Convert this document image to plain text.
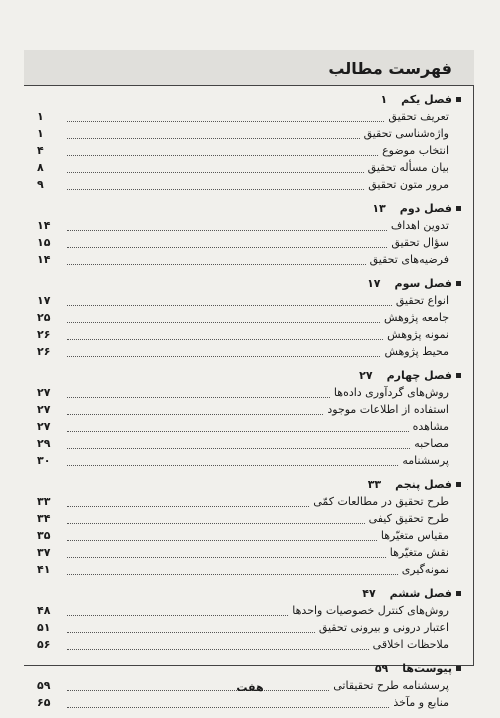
فهرست مطالب
فصل یکم
۱
تعریف تحقیق
۱
واژه‌شناسی تحقیق
۱
انتخاب موضوع
۴
بیان مسأله تحقیق
۸
مرور متون تحقیق
۹
فصل دوم
۱۳
تدوین اهداف
۱۴
سؤال تحقیق
۱۵
فرضیه‌های تحقیق
۱۴
فصل سوم
۱۷
انواع تحقیق
۱۷
جامعه پژوهش
۲۵
نمونه پژوهش
۲۶
محیط پژوهش
۲۶
فصل چهارم
۲۷
روش‌های گردآوری داده‌ها
۲۷
استفاده از اطلاعات موجود
۲۷
مشاهده
۲۷
مصاحبه
۲۹
پرسشنامه
۳۰
فصل پنجم
۳۳
طرح تحقیق در مطالعات کمّی
۳۳
طرح تحقیق کیفی
۳۴
مقیاس متغیّرها
۳۵
نقش متغیّرها
۳۷
نمونه‌گیری
۴۱
فصل ششم
۴۷
روش‌های کنترل خصوصیات واحدها
۴۸
اعتبار درونی و بیرونی تحقیق
۵۱
ملاحظات اخلاقی
۵۶
پیوست‌ها
۵۹
پرسشنامه طرح تحقیقاتی
۵۹
منابع و مآخذ
۶۵
هفت
